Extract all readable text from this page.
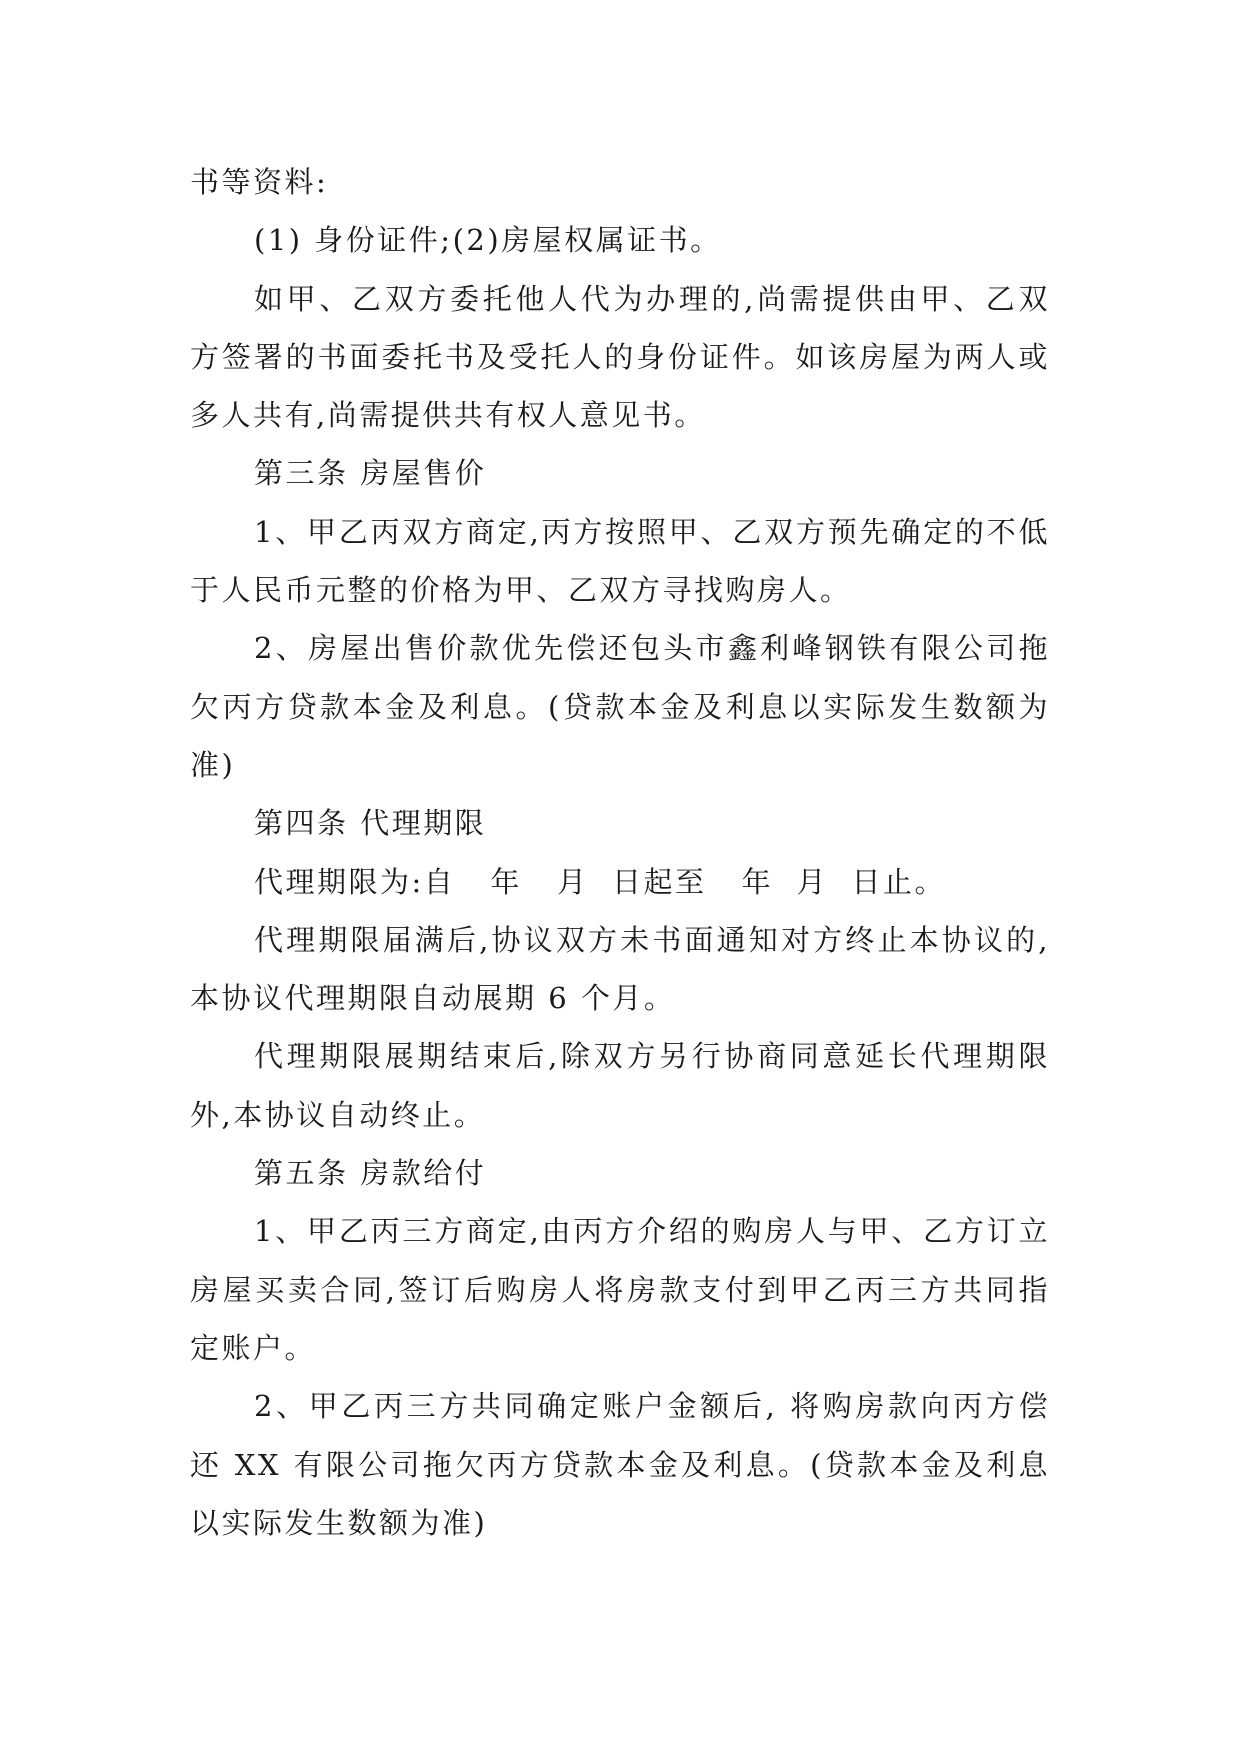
书等资料:

(1) 身份证件;(2)房屋权属证书。

如甲、乙双方委托他人代为办理的,尚需提供由甲、乙双方签署的书面委托书及受托人的身份证件。如该房屋为两人或多人共有,尚需提供共有权人意见书。

第三条 房屋售价

1、甲乙丙双方商定,丙方按照甲、乙双方预先确定的不低于人民币元整的价格为甲、乙双方寻找购房人。

2、房屋出售价款优先偿还包头市鑫利峰钢铁有限公司拖欠丙方贷款本金及利息。(贷款本金及利息以实际发生数额为准)

第四条 代理期限

代理期限为:自   年   月  日起至   年  月  日止。

代理期限届满后,协议双方未书面通知对方终止本协议的,本协议代理期限自动展期 6 个月。

代理期限展期结束后,除双方另行协商同意延长代理期限外,本协议自动终止。

第五条 房款给付

1、甲乙丙三方商定,由丙方介绍的购房人与甲、乙方订立房屋买卖合同,签订后购房人将房款支付到甲乙丙三方共同指定账户。

2、甲乙丙三方共同确定账户金额后, 将购房款向丙方偿还 XX 有限公司拖欠丙方贷款本金及利息。(贷款本金及利息以实际发生数额为准)
